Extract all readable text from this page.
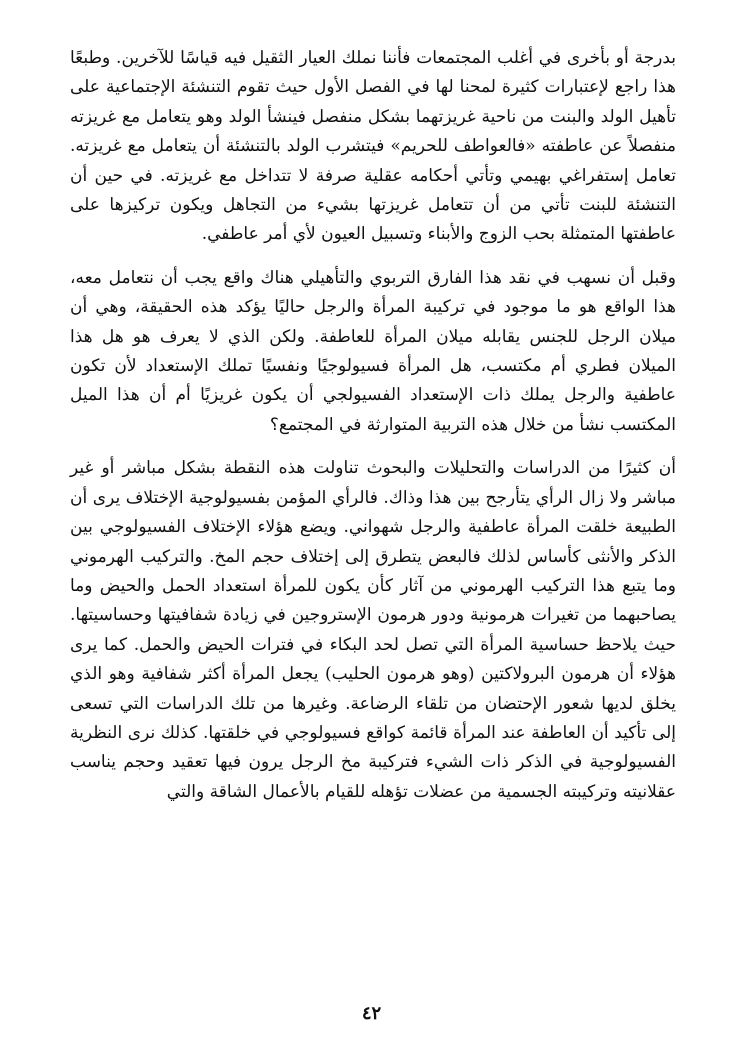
بدرجة أو بأخرى في أغلب المجتمعات فأننا نملك العيار الثقيل فيه قياسًا للآخرين. وطبعًا هذا راجع لإعتبارات كثيرة لمحنا لها في الفصل الأول حيث تقوم التنشئة الإجتماعية على تأهيل الولد والبنت من ناحية غريزتهما بشكل منفصل فينشأ الولد وهو يتعامل مع غريزته منفصلاً عن عاطفته «فالعواطف للحريم» فيتشرب الولد بالتنشئة أن يتعامل مع غريزته. تعامل إستفراغي بهيمي وتأتي أحكامه عقلية صرفة لا تتداخل مع غريزته. في حين أن التنشئة للبنت تأتي من أن تتعامل غريزتها بشيء من التجاهل ويكون تركيزها على عاطفتها المتمثلة بحب الزوج والأبناء وتسبيل العيون لأي أمر عاطفي.

وقبل أن نسهب في نقد هذا الفارق التربوي والتأهيلي هناك واقع يجب أن نتعامل معه، هذا الواقع هو ما موجود في تركيبة المرأة والرجل حاليًا يؤكد هذه الحقيقة، وهي أن ميلان الرجل للجنس يقابله ميلان المرأة للعاطفة. ولكن الذي لا يعرف هو هل هذا الميلان فطري أم مكتسب، هل المرأة فسيولوجيًا ونفسيًا تملك الإستعداد لأن تكون عاطفية والرجل يملك ذات الإستعداد الفسيولجي أن يكون غريزيًا أم أن هذا الميل المكتسب نشأ من خلال هذه التربية المتوارثة في المجتمع؟

أن كثيرًا من الدراسات والتحليلات والبحوث تناولت هذه النقطة بشكل مباشر أو غير مباشر ولا زال الرأي يتأرجح بين هذا وذاك. فالرأي المؤمن بفسيولوجية الإختلاف يرى أن الطبيعة خلقت المرأة عاطفية والرجل شهواني. ويضع هؤلاء الإختلاف الفسيولوجي بين الذكر والأنثى كأساس لذلك فالبعض يتطرق إلى إختلاف حجم المخ. والتركيب الهرموني وما يتبع هذا التركيب الهرموني من آثار كأن يكون للمرأة استعداد الحمل والحيض وما يصاحبهما من تغيرات هرمونية ودور هرمون الإستروجين في زيادة شفافيتها وحساسيتها. حيث يلاحظ حساسية المرأة التي تصل لحد البكاء في فترات الحيض والحمل. كما يرى هؤلاء أن هرمون البرولاكتين (وهو هرمون الحليب) يجعل المرأة أكثر شفافية وهو الذي يخلق لديها شعور الإحتضان من تلقاء الرضاعة. وغيرها من تلك الدراسات التي تسعى إلى تأكيد أن العاطفة عند المرأة قائمة كواقع فسيولوجي في خلقتها. كذلك نرى النظرية الفسيولوجية في الذكر ذات الشيء فتركيبة مخ الرجل يرون فيها تعقيد وحجم يناسب عقلانيته وتركيبته الجسمية من عضلات تؤهله للقيام بالأعمال الشاقة والتي

٤٢
